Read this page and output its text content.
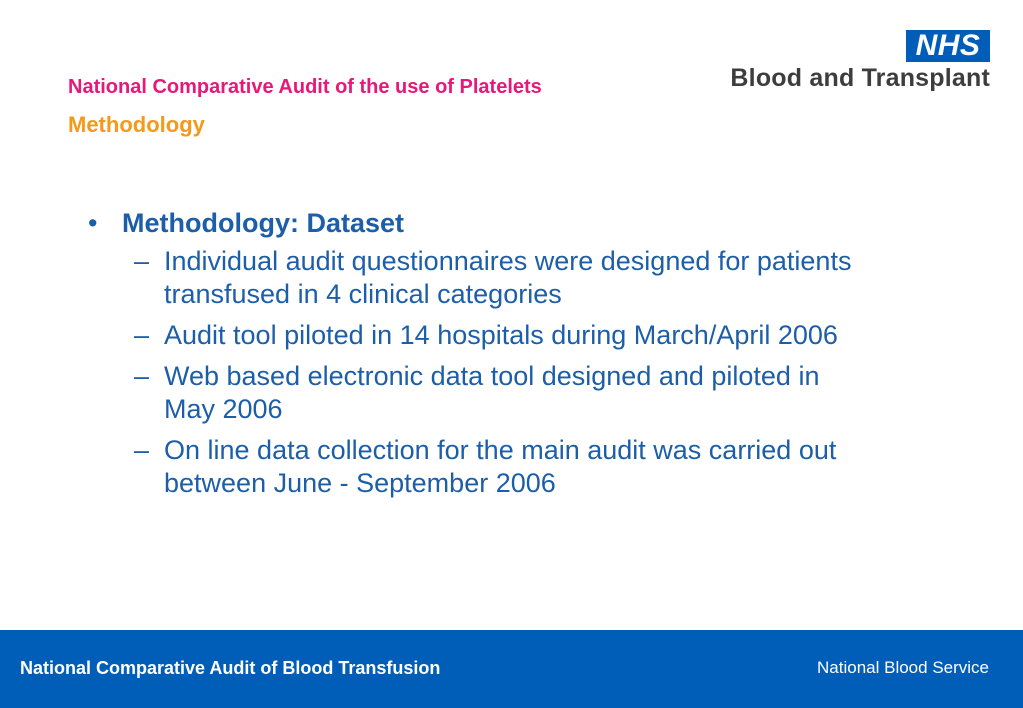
National Comparative Audit of the use of Platelets
Methodology
NHS
Blood and Transplant
• Methodology: Dataset
– Individual audit questionnaires were designed for patients transfused in 4 clinical categories
– Audit tool piloted in 14 hospitals during March/April 2006
– Web based electronic data tool designed and piloted in May 2006
– On line data collection for the main audit was carried out between June - September 2006
National Comparative Audit of Blood Transfusion	National Blood Service
